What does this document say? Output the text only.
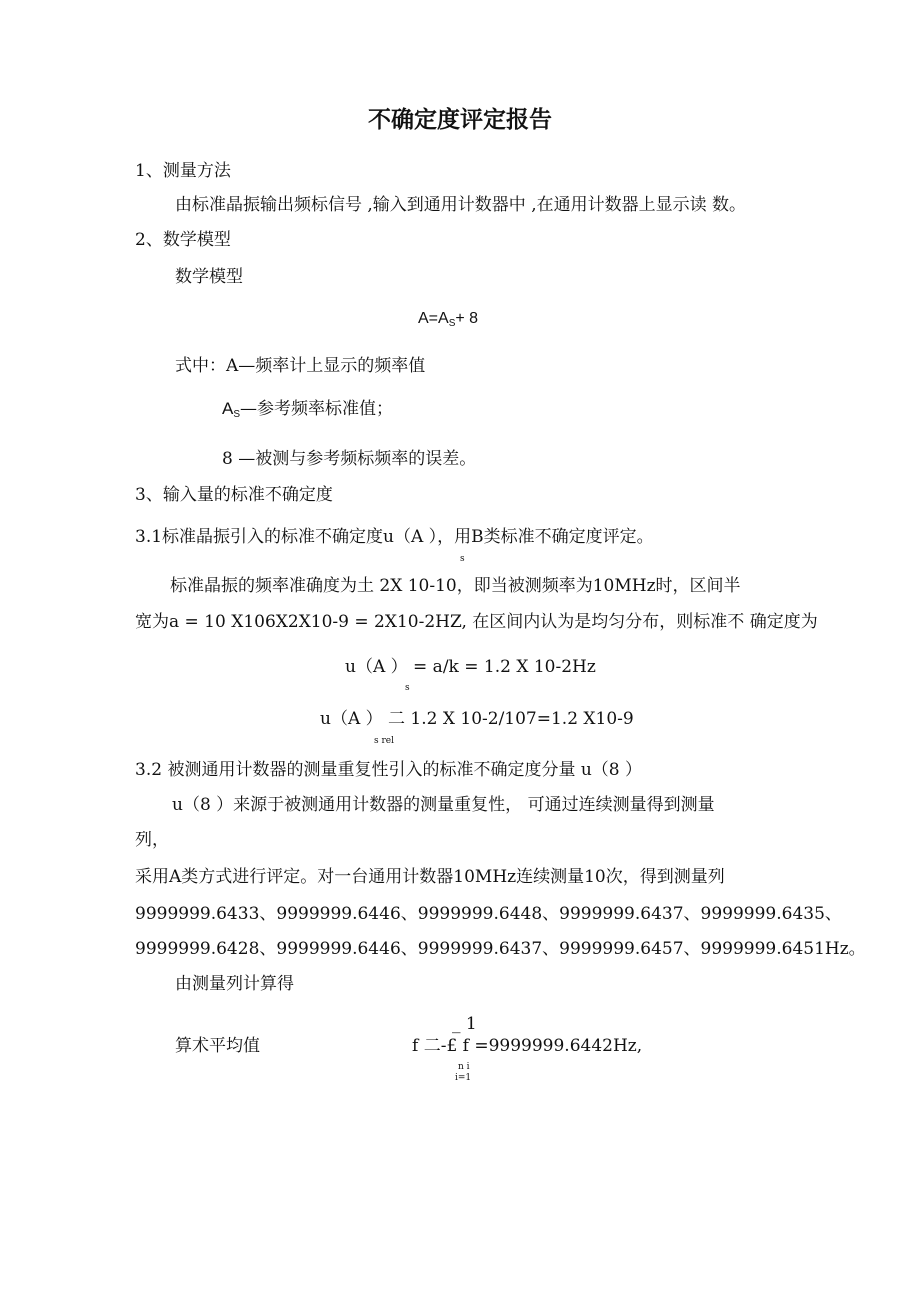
不确定度评定报告
1、测量方法
由标准晶振输出频标信号 ,输入到通用计数器中 ,在通用计数器上显示读 数。
2、数学模型
数学模型
A=AS+ 8
式中：A—频率计上显示的频率值
AS—参考频率标准值；
8 —被测与参考频标频率的误差。
3、输入量的标准不确定度
3.1标准晶振引入的标准不确定度u（A ），用B类标准不确定度评定。
s
标准晶振的频率准确度为土 2X 10-10，即当被测频率为10MHz时，区间半
宽为a = 10 X106X2X10-9 = 2X10-2HZ, 在区间内认为是均匀分布，则标准不 确定度为
u（A ） = a/k = 1.2 X 10-2Hz
s
u（A ） 二 1.2 X 10-2/107=1.2 X10-9
s rel
3.2 被测通用计数器的测量重复性引入的标准不确定度分量 u（8 ）
u（8 ）来源于被测通用计数器的测量重复性， 可通过连续测量得到测量
列，
采用A类方式进行评定。对一台通用计数器10MHz连续测量10次，得到测量列
9999999.6433、9999999.6446、9999999.6448、9999999.6437、9999999.6435、
9999999.6428、9999999.6446、9999999.6437、9999999.6457、9999999.6451Hz。
由测量列计算得
算术平均值
_ 1
f 二-£ f =9999999.6442Hz,
n i
i=1
